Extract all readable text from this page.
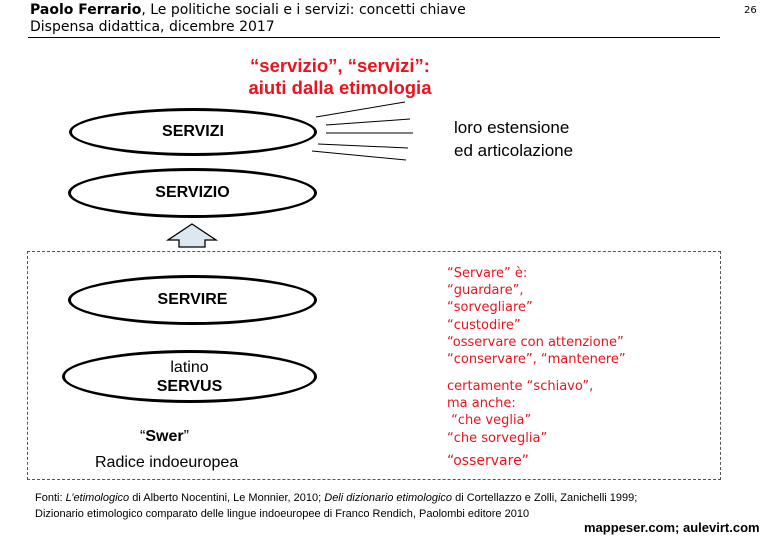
Paolo Ferrario, Le politiche sociali e i servizi: concetti chiave
Dispensa didattica, dicembre 2017
26
“servizio”, “servizi”:
aiuti dalla etimologia
SERVIZI
SERVIZIO
loro estensione
ed articolazione
SERVIRE
latino
SERVUS
“Servare” è:
“guardare”,
“sorvegliare”
“custodire”
“osservare con attenzione”
“conservare”, “mantenere”
certamente “schiavo”,
ma anche:
“che veglia”
“che sorveglia”
“osservare”
“Swer”
Radice indoeuropea
Fonti: L’etimologico di Alberto Nocentini, Le Monnier, 2010; Deli dizionario etimologico di Cortellazzo e Zolli, Zanichelli 1999;
Dizionario etimologico comparato delle lingue indoeuropee di Franco Rendich, Paolombi editore 2010
mappeser.com; aulevirt.com
